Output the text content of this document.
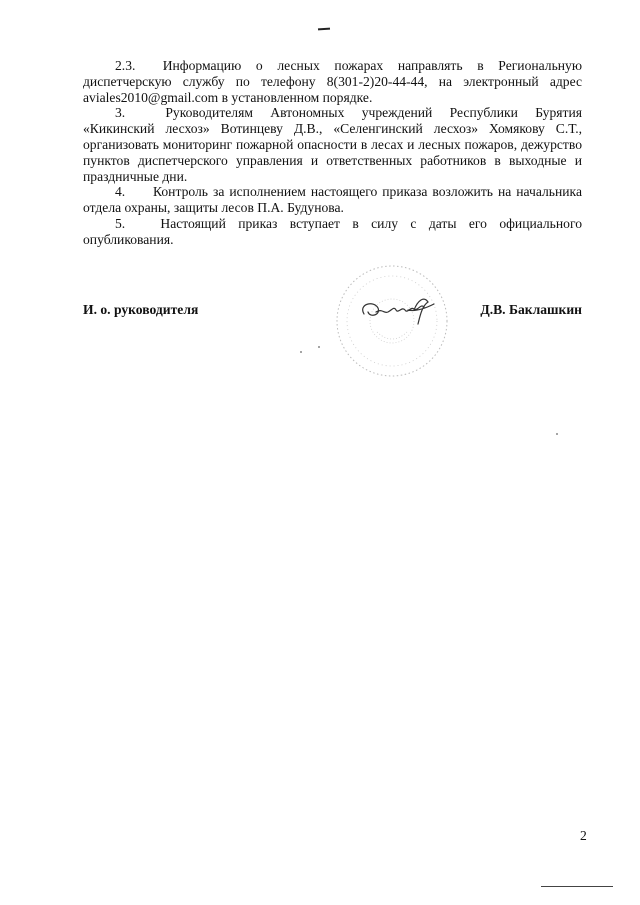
2.3. Информацию о лесных пожарах направлять в Региональную диспетчерскую службу по телефону 8(301-2)20-44-44, на электронный адрес aviales2010@gmail.com в установленном порядке.

3.	Руководителям Автономных учреждений Республики Бурятия «Кикинский лесхоз» Вотинцеву Д.В., «Селенгинский лесхоз» Хомякову С.Т., организовать мониторинг пожарной опасности в лесах и лесных пожаров, дежурство пунктов диспетчерского управления и ответственных работников в выходные и праздничные дни.

4. Контроль за исполнением настоящего приказа возложить на начальника отдела охраны, защиты лесов П.А. Будунова.

5.	Настоящий приказ вступает в силу с даты его официального опубликования.

И. о. руководителя	Д.В. Баклашкин
2
